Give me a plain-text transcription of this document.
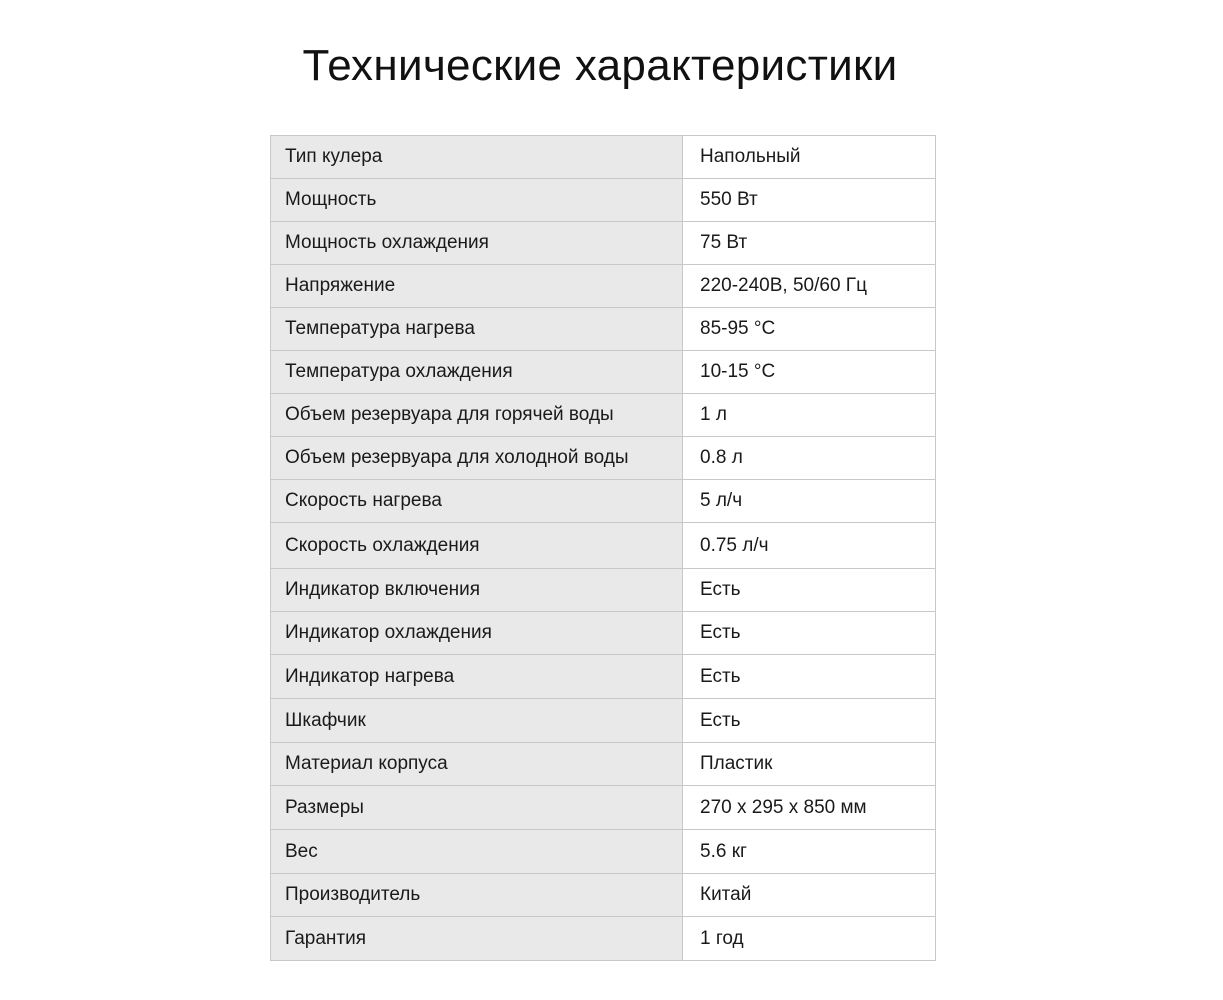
Технические характеристики
Тип кулера	Напольный
Мощность	550 Вт
Мощность охлаждения	75 Вт
Напряжение	220-240В, 50/60 Гц
Температура нагрева	85-95 °С
Температура охлаждения	10-15 °С
Объем резервуара для горячей воды	1 л
Объем резервуара для холодной воды	0.8 л
Скорость нагрева	5 л/ч
Скорость охлаждения	0.75 л/ч
Индикатор включения	Есть
Индикатор охлаждения	Есть
Индикатор нагрева	Есть
Шкафчик	Есть
Материал корпуса	Пластик
Размеры	270 х 295 х 850 мм
Вес	5.6 кг
Производитель	Китай
Гарантия	1 год
